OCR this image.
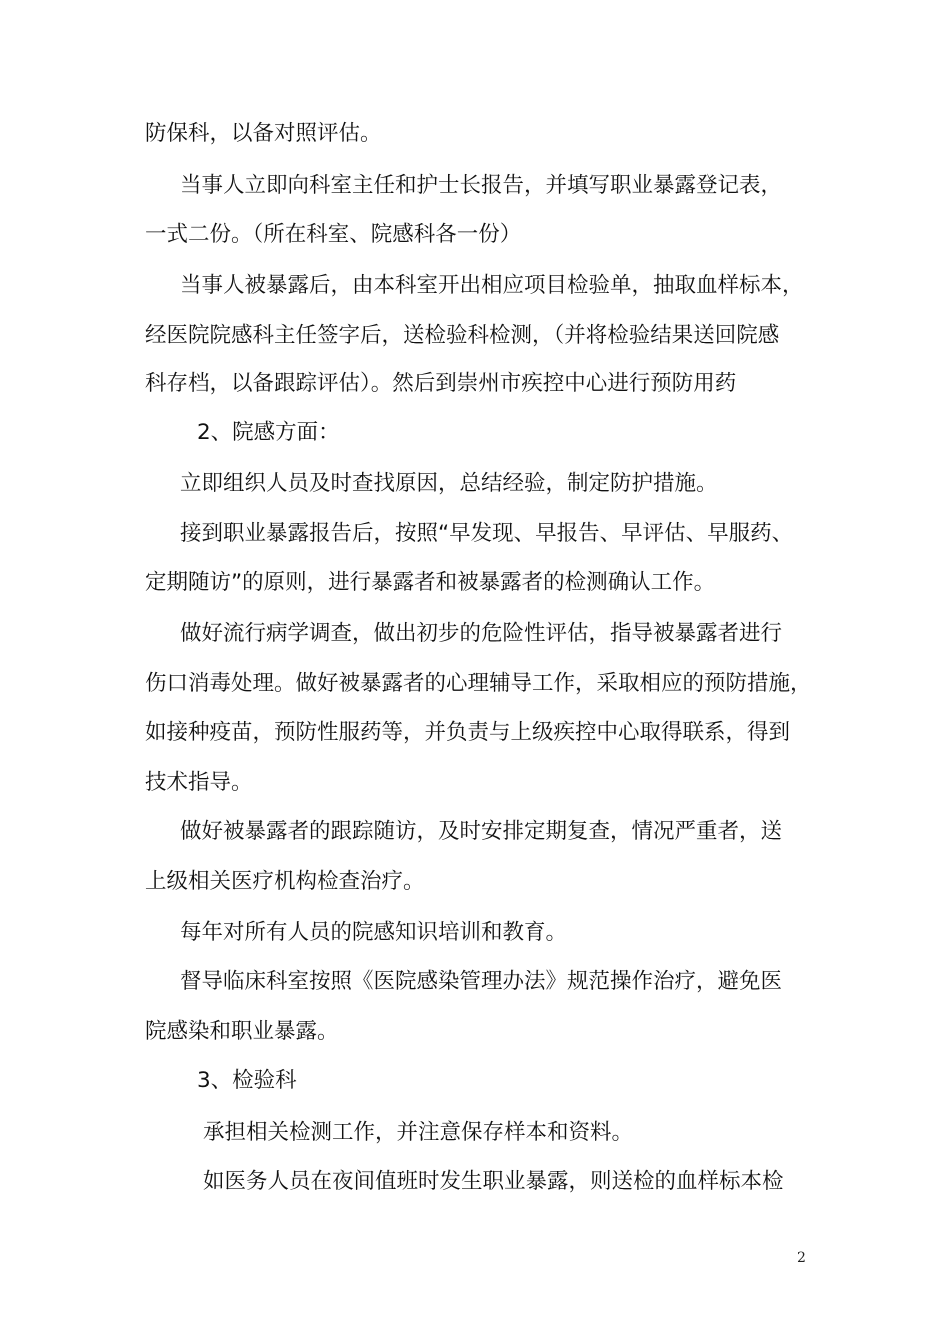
防保科，以备对照评估。
当事人立即向科室主任和护士长报告，并填写职业暴露登记表，
一式二份。（所在科室、院感科各一份）
当事人被暴露后，由本科室开出相应项目检验单，抽取血样标本，
经医院院感科主任签字后，送检验科检测，（并将检验结果送回院感
科存档，以备跟踪评估）。然后到崇州市疾控中心进行预防用药
2、院感方面：
立即组织人员及时查找原因，总结经验，制定防护措施。
接到职业暴露报告后，按照“早发现、早报告、早评估、早服药、
定期随访”的原则，进行暴露者和被暴露者的检测确认工作。
做好流行病学调查，做出初步的危险性评估，指导被暴露者进行
伤口消毒处理。做好被暴露者的心理辅导工作，采取相应的预防措施，
如接种疫苗，预防性服药等，并负责与上级疾控中心取得联系，得到
技术指导。
做好被暴露者的跟踪随访，及时安排定期复查，情况严重者，送
上级相关医疗机构检查治疗。
每年对所有人员的院感知识培训和教育。
督导临床科室按照《医院感染管理办法》规范操作治疗，避免医
院感染和职业暴露。
3、检验科
承担相关检测工作，并注意保存样本和资料。
如医务人员在夜间值班时发生职业暴露，则送检的血样标本检
2
